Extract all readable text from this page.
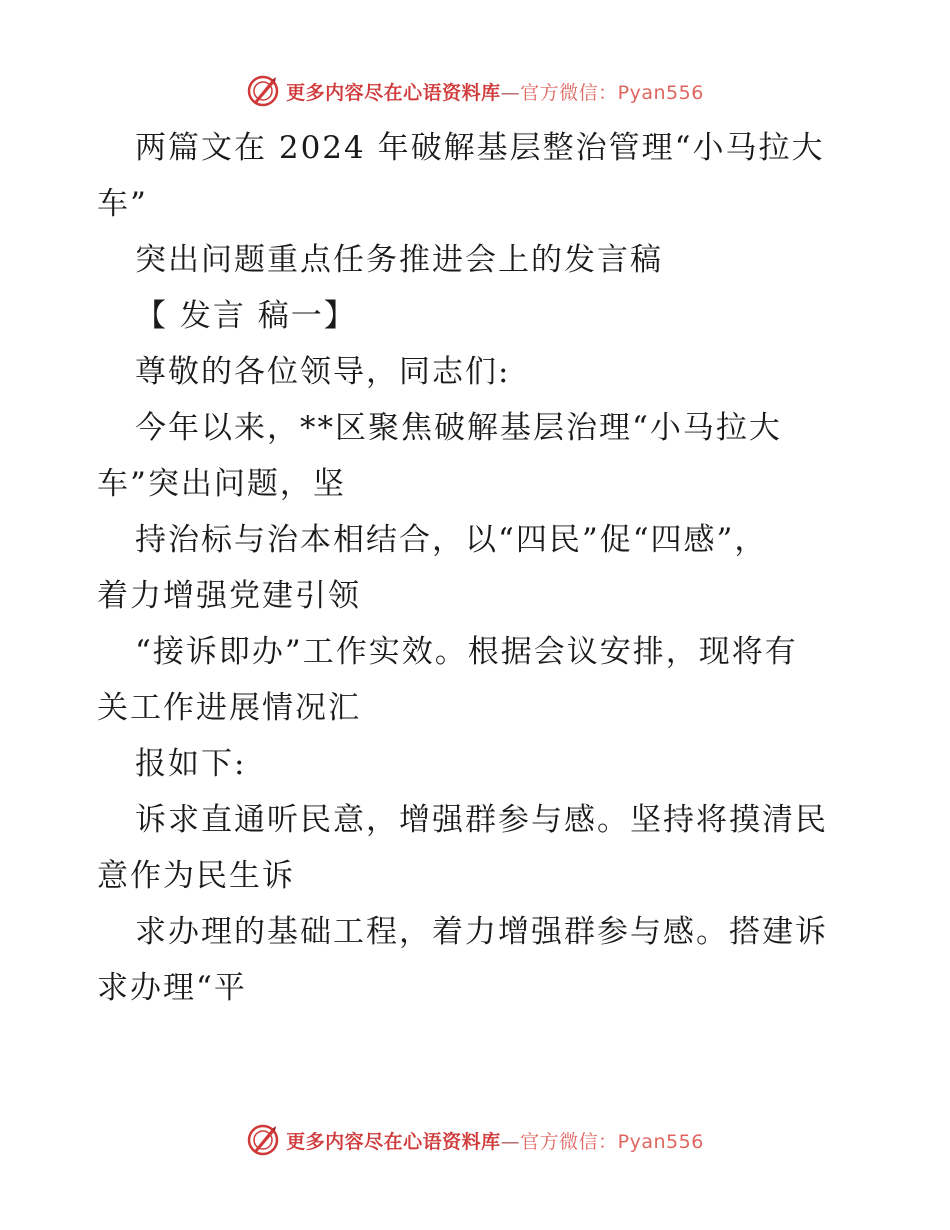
更多内容尽在心语资料库—官方微信：Pyan556
两篇文在 2024 年破解基层整治管理“小马拉大
车”
突出问题重点任务推进会上的发言稿
【 发言 稿一】
尊敬的各位领导，同志们:
今年以来，**区聚焦破解基层治理“小马拉大
车”突出问题，坚
持治标与治本相结合，以“四民”促“四感”，
着力增强党建引领
“接诉即办”工作实效。根据会议安排，现将有
关工作进展情况汇
报如下:
诉求直通听民意，增强群参与感。坚持将摸清民
意作为民生诉
求办理的基础工程，着力增强群参与感。搭建诉
求办理“平
更多内容尽在心语资料库—官方微信：Pyan556
